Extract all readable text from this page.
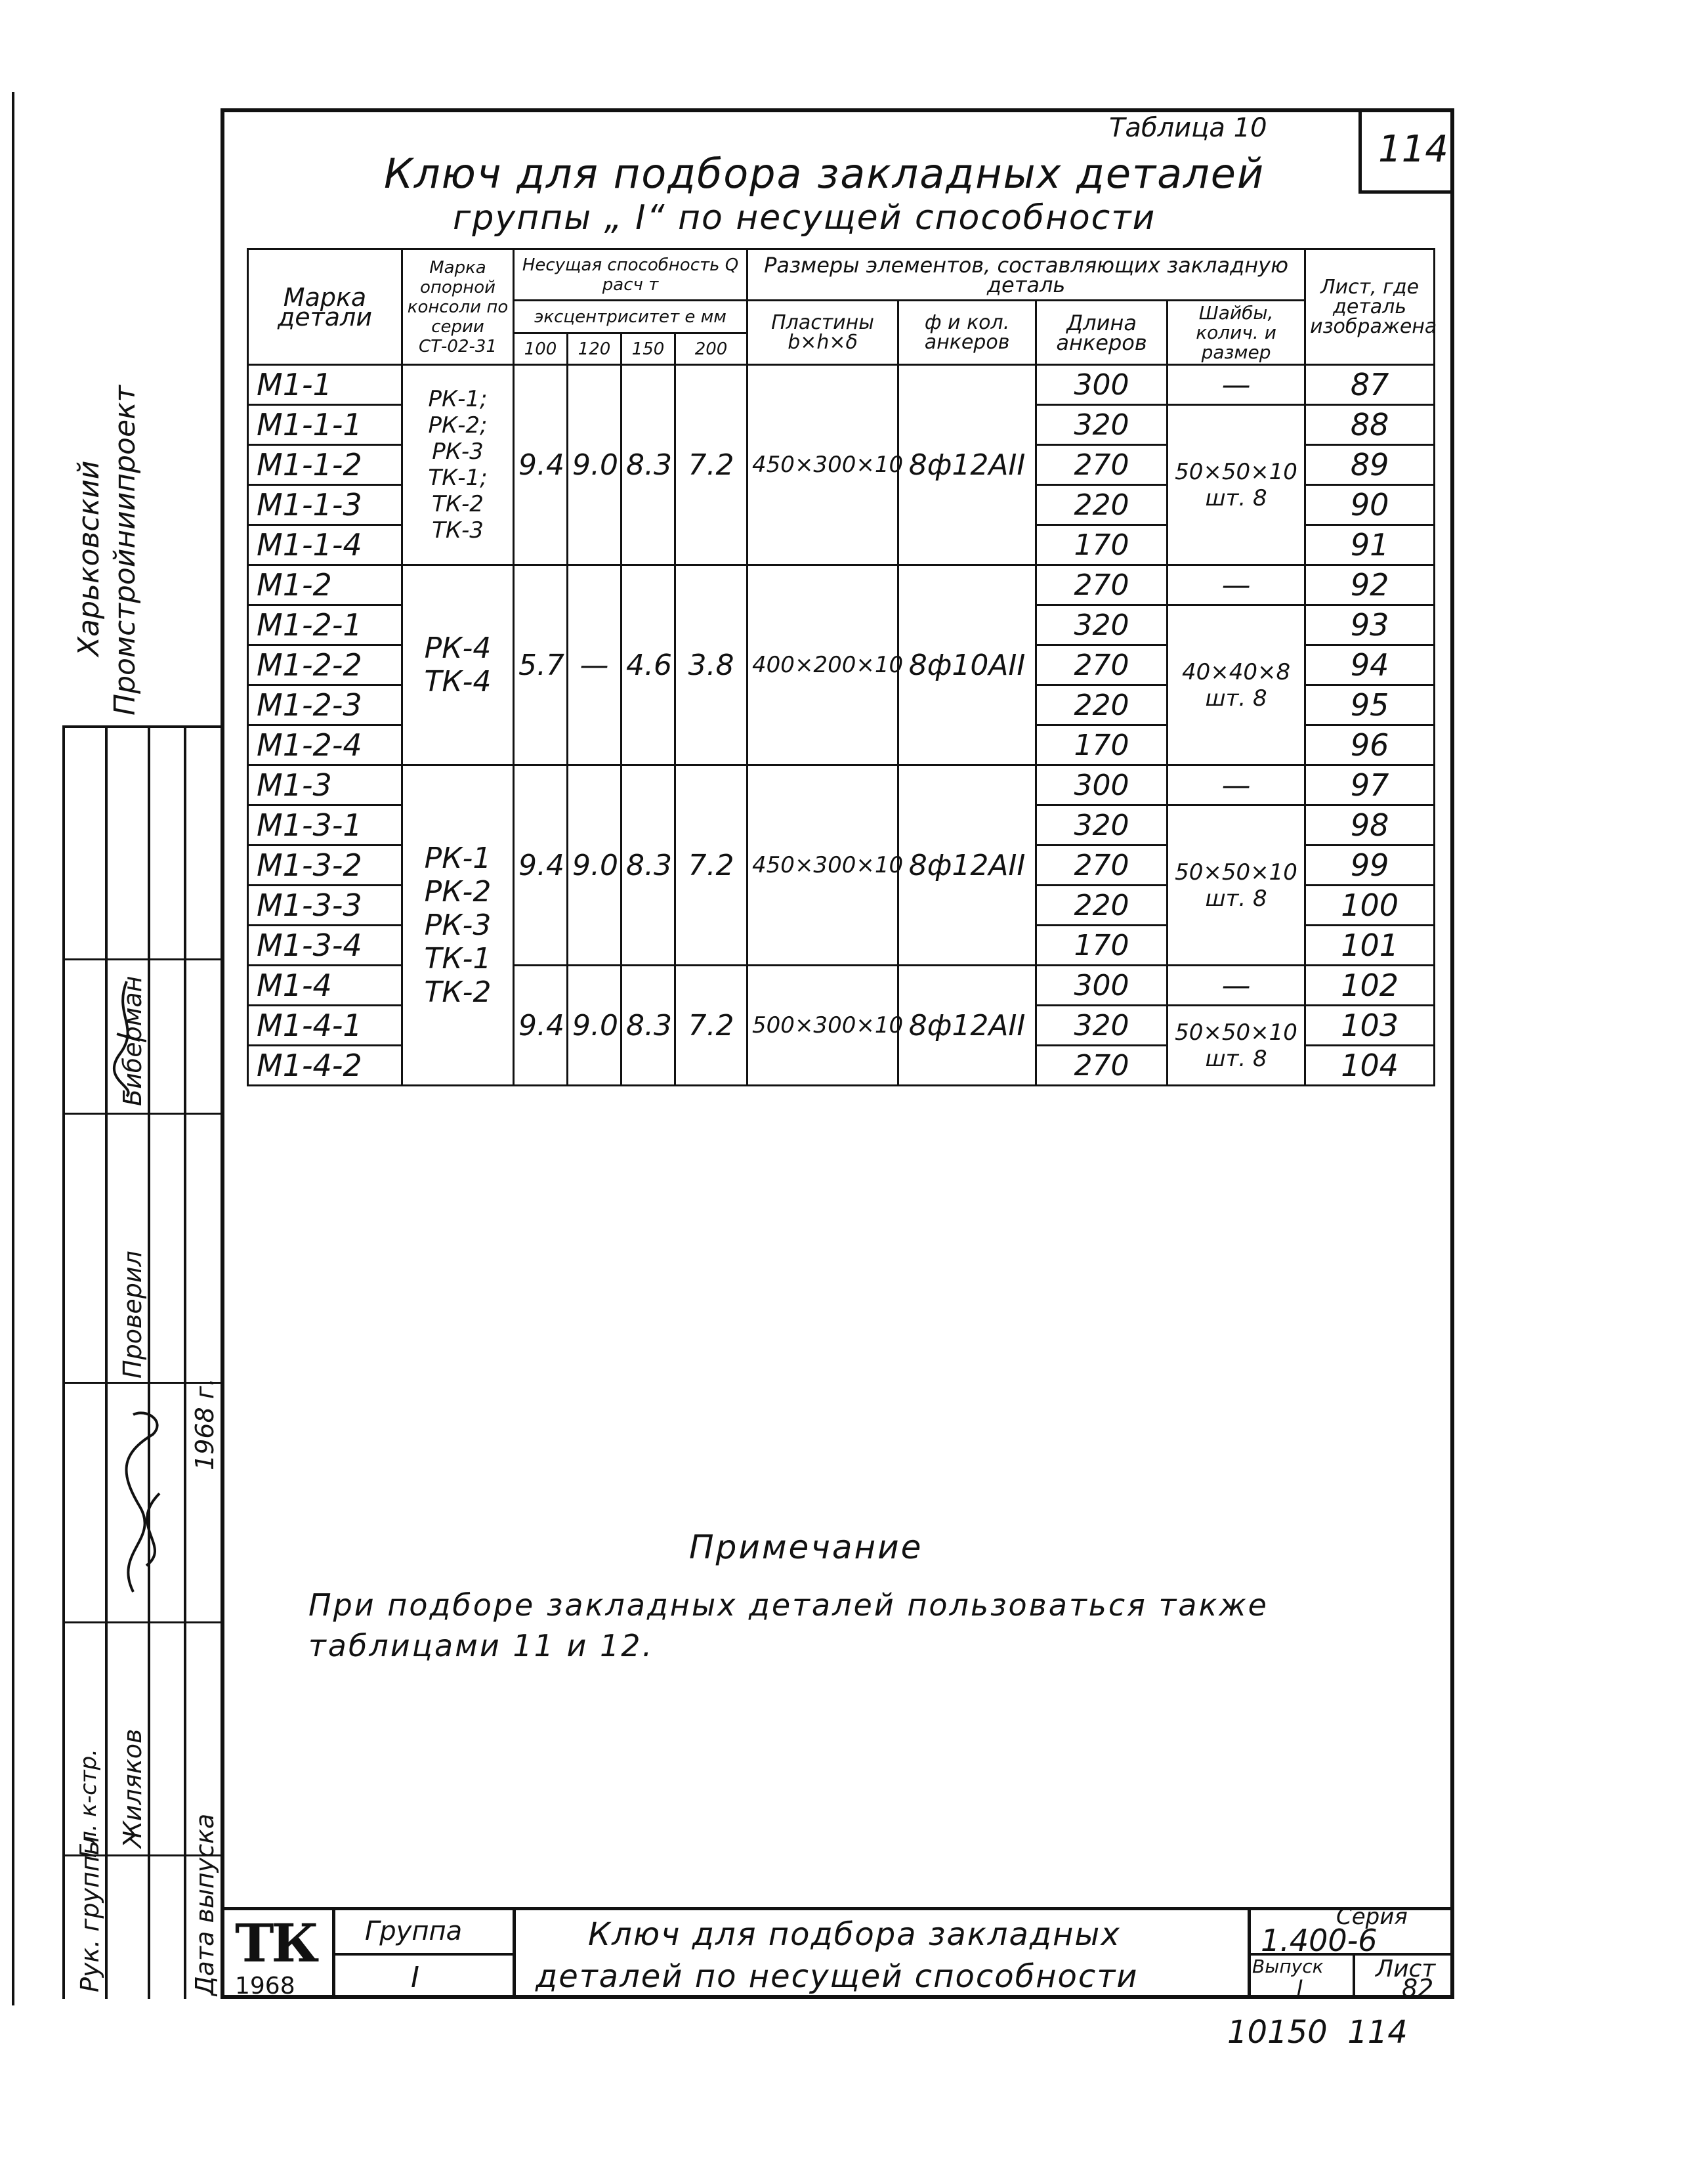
Харьковский Промстройниипроект
Биберман
Проверил
Жиляков
Рук. группы
Гл. к-стр.
Дата выпуска
1968 г.
Таблица 10	114
Ключ для подбора закладных деталей
группы „ I“ по несущей способности
Марка детали	Марка опорной консоли по серии СТ-02-31	Несущая способность Q расч т				Размеры элементов, составляющих закладную деталь				Лист, где деталь изображена
		эксцентриситет е мм				Пластины b×h×δ	ф и кол. анкеров	Длина анкеров	Шайбы, колич. и размер	
		100	120	150	200					
М1-1	РК-1; РК-2; РК-3 ТК-1; ТК-2 ТК-3	9.4	9.0	8.3	7.2	450×300×10	8ф12АII	300	—	87
М1-1-1								320	50×50×10 шт. 8	88
М1-1-2								270		89
М1-1-3								220		90
М1-1-4								170		91
М1-2	РК-4 ТК-4	5.7	—	4.6	3.8	400×200×10	8ф10АII	270	—	92
М1-2-1								320	40×40×8 шт. 8	93
М1-2-2								270		94
М1-2-3								220		95
М1-2-4								170		96
М1-3	РК-1 РК-2 РК-3 ТК-1 ТК-2	9.4	9.0	8.3	7.2	450×300×10	8ф12АII	300	—	97
М1-3-1								320	50×50×10 шт. 8	98
М1-3-2								270		99
М1-3-3								220		100
М1-3-4								170		101
М1-4		9.4	9.0	8.3	7.2	500×300×10	8ф12АII	300	—	102
М1-4-1								320	50×50×10 шт. 8	103
М1-4-2								270		104
Примечание
При подборе закладных деталей пользоваться также
таблицами 11 и 12.
ТК
1968
Группа
I
Ключ для подбора закладных
деталей по несущей способности
Серия
1.400-6
Выпуск
I
Лист
82
10150  114
